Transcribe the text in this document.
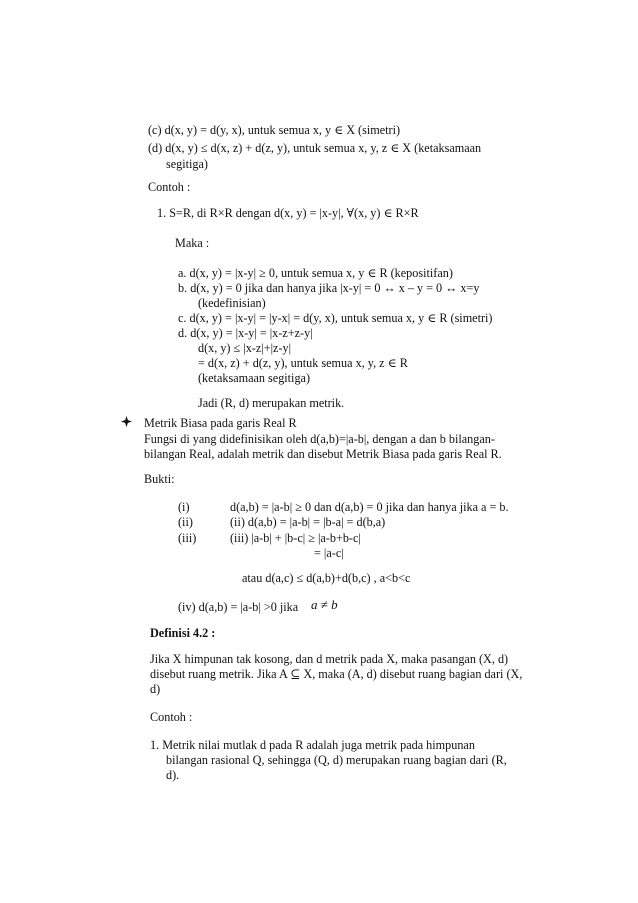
(c) d(x, y) = d(y, x), untuk semua x, y ∈ X (simetri)
(d) d(x, y) ≤ d(x, z) + d(z, y), untuk semua x, y, z ∈ X (ketaksamaan
segitiga)
Contoh :
1. S=R, di R×R dengan d(x, y) = |x-y|, ∀(x, y) ∈ R×R
Maka :
a. d(x, y) = |x-y| ≥ 0, untuk semua x, y ∈ R (kepositifan)
b. d(x, y) = 0 jika dan hanya jika |x-y| = 0 ↔ x – y = 0 ↔ x=y
(kedefinisian)
c. d(x, y) = |x-y| = |y-x| = d(y, x), untuk semua x, y ∈ R (simetri)
d. d(x, y) = |x-y| = |x-z+z-y|
d(x, y) ≤ |x-z|+|z-y|
= d(x, z) + d(z, y), untuk semua x, y, z ∈ R
(ketaksamaan segitiga)
Jadi (R, d) merupakan metrik.
Metrik Biasa pada garis Real R
Fungsi di yang didefinisikan oleh d(a,b)=|a-b|, dengan a dan b bilangan-
bilangan Real, adalah metrik dan disebut Metrik Biasa pada garis Real R.
Bukti:
(i)	d(a,b) = |a-b| ≥ 0 dan d(a,b) = 0 jika dan hanya jika a = b.
(ii)	(ii) d(a,b) = |a-b| = |b-a| = d(b,a)
(iii)	(iii) |a-b| + |b-c| ≥ |a-b+b-c|
= |a-c|
atau d(a,c) ≤ d(a,b)+d(b,c) , a<b<c
(iv) d(a,b) = |a-b| >0 jika a ≠ b
Definisi 4.2 :
Jika X himpunan tak kosong, dan d metrik pada X, maka pasangan (X, d)
disebut ruang metrik. Jika A ⊆ X, maka (A, d) disebut ruang bagian dari (X,
d)
Contoh :
1. Metrik nilai mutlak d pada R adalah juga metrik pada himpunan
bilangan rasional Q, sehingga (Q, d) merupakan ruang bagian dari (R,
d).
